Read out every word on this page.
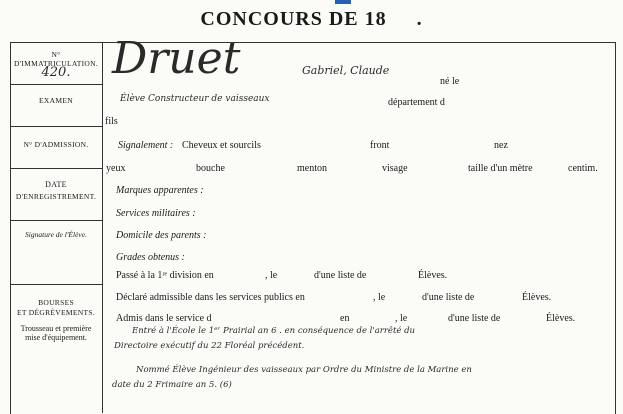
CONCOURS DE 18 .
N° D'IMMATRICULATION.
420.
EXAMEN
N° D'ADMISSION.
DATE
D'ENREGISTREMENT.
Signature de l'Élève.
BOURSES
ET DÉGRÈVEMENTS.
Trousseau et première
mise d'équipement.
Druet	Gabriel, Claude
né le
Élève Constructeur de vaisseaux	département d
fils
Signalement : Cheveux et sourcils	front	nez
yeux	bouche	menton	visage	taille d'un mètre	centim.
Marques apparentes :
Services militaires :
Domicile des parents :
Grades obtenus :
Passé à la 1ʳᵉ division en	, le	d'une liste de	Élèves.
Déclaré admissible dans les services publics en	, le	d'une liste de	Élèves.
Admis dans le service d	en	, le	d'une liste de	Élèves.
Entré à l'École le 1ᵉʳ Prairial an 6 . en conséquence de l'arrêté du
Directoire exécutif du 22 Floréal précédent.
Nommé Élève Ingénieur des vaisseaux par Ordre du Ministre de la Marine en
date du 2 Frimaire an 5. (6)
